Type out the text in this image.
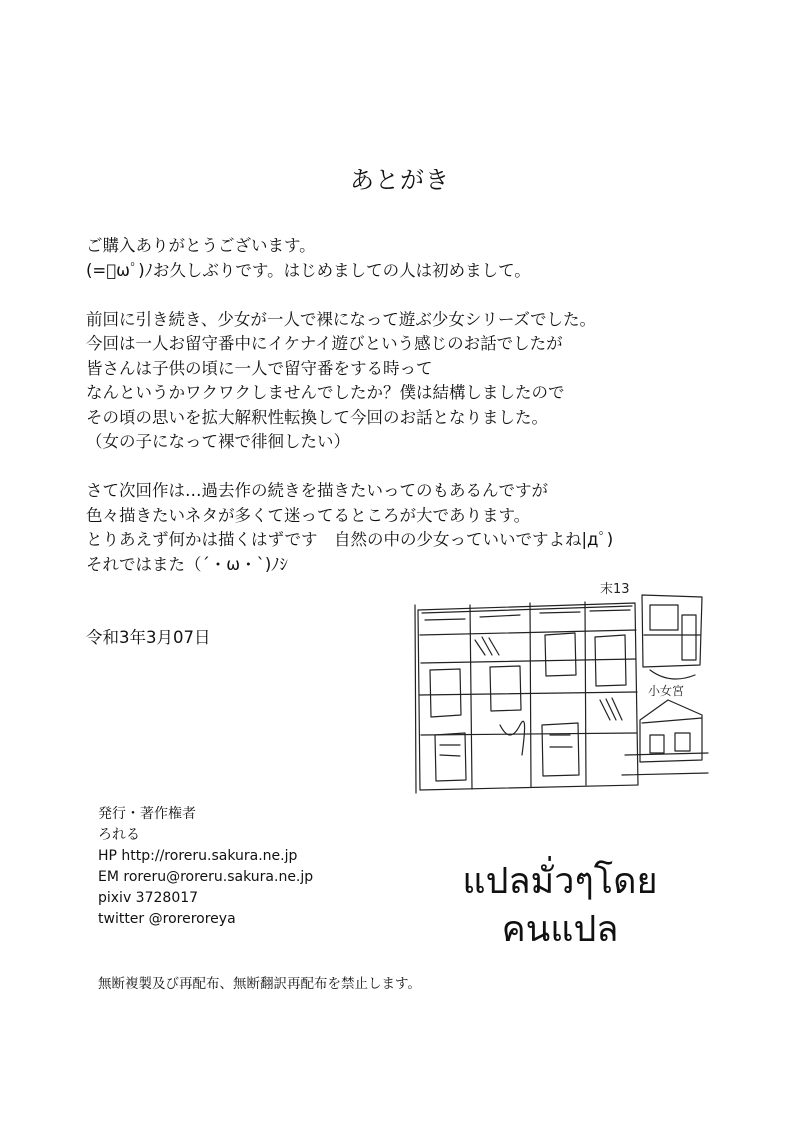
あとがき

ご購入ありがとうございます。
(=ﾟωﾟ)ﾉお久しぶりです。はじめましての人は初めまして。

前回に引き続き、少女が一人で裸になって遊ぶ少女シリーズでした。
今回は一人お留守番中にイケナイ遊びという感じのお話でしたが
皆さんは子供の頃に一人で留守番をする時って
なんというかワクワクしませんでしたか？僕は結構しましたので
その頃の思いを拡大解釈性転換して今回のお話となりました。
（女の子になって裸で徘徊したい）

さて次回作は…過去作の続きを描きたいってのもあるんですが
色々描きたいネタが多くて迷ってるところが大であります。
とりあえず何かは描くはずです　自然の中の少女っていいですよね|дﾟ)
それではまた（´・ω・`)ﾉｼ

令和3年3月07日
末13
小女宮
発行・著作権者
ろれる
HP http://roreru.sakura.ne.jp
EM roreru@roreru.sakura.ne.jp
pixiv 3728017
twitter @roreroreya
แปลมั่วๆโดย
คนแปล
無断複製及び再配布、無断翻訳再配布を禁止します。
